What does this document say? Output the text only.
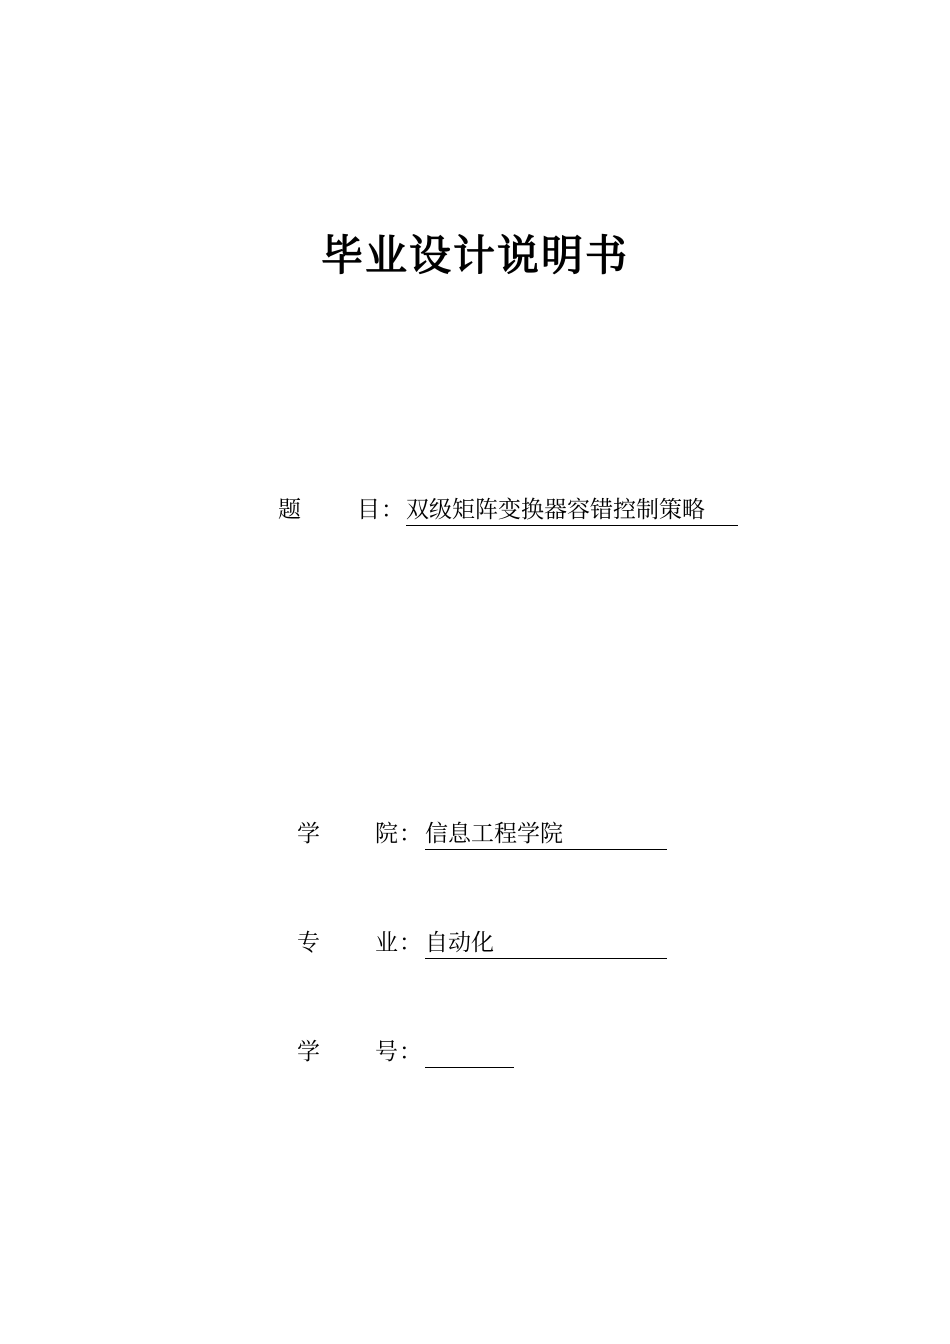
毕业设计说明书
题 目 ： 双级矩阵变换器容错控制策略
学 院 ： 信息工程学院
专 业 ： 自动化
学 号 ：
